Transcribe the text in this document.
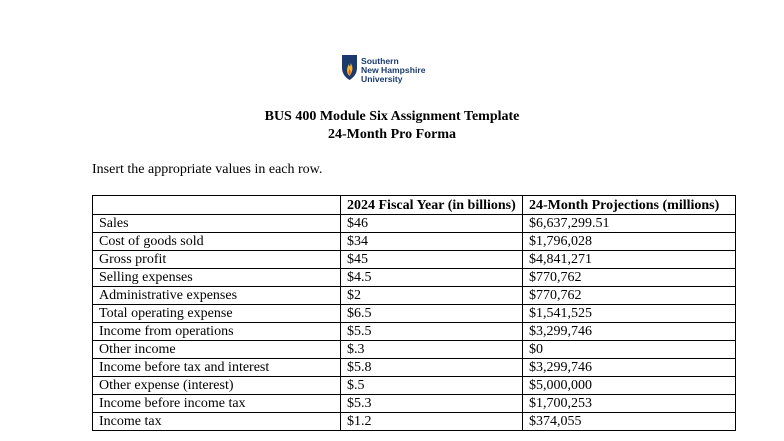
Southern
New Hampshire
University
BUS 400 Module Six Assignment Template
24-Month Pro Forma
Insert the appropriate values in each row.
	2024 Fiscal Year (in billions)	24-Month Projections (millions)
Sales	$46	$6,637,299.51
Cost of goods sold	$34	$1,796,028
Gross profit	$45	$4,841,271
Selling expenses	$4.5	$770,762
Administrative expenses	$2	$770,762
Total operating expense	$6.5	$1,541,525
Income from operations	$5.5	$3,299,746
Other income	$.3	$0
Income before tax and interest	$5.8	$3,299,746
Other expense (interest)	$.5	$5,000,000
Income before income tax	$5.3	$1,700,253
Income tax	$1.2	$374,055
